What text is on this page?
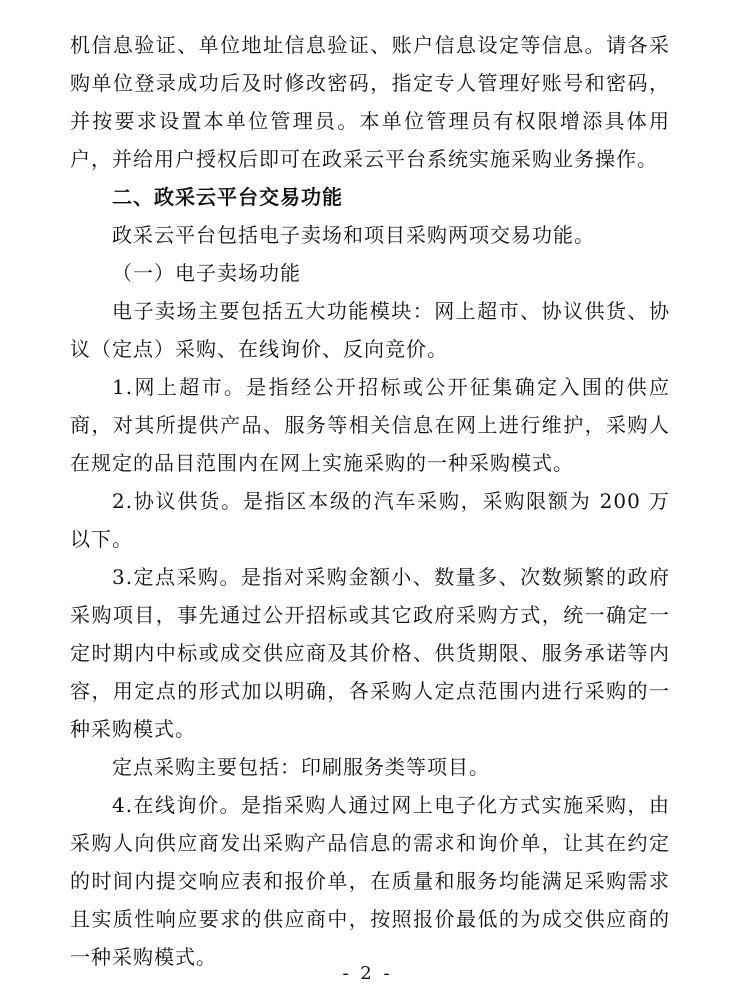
机信息验证、单位地址信息验证、账户信息设定等信息。请各采购单位登录成功后及时修改密码，指定专人管理好账号和密码，并按要求设置本单位管理员。本单位管理员有权限增添具体用户，并给用户授权后即可在政采云平台系统实施采购业务操作。

二、政采云平台交易功能

政采云平台包括电子卖场和项目采购两项交易功能。

（一）电子卖场功能

电子卖场主要包括五大功能模块：网上超市、协议供货、协议（定点）采购、在线询价、反向竞价。

1.网上超市。是指经公开招标或公开征集确定入围的供应商，对其所提供产品、服务等相关信息在网上进行维护，采购人在规定的品目范围内在网上实施采购的一种采购模式。

2.协议供货。是指区本级的汽车采购，采购限额为 200 万以下。

3.定点采购。是指对采购金额小、数量多、次数频繁的政府采购项目，事先通过公开招标或其它政府采购方式，统一确定一定时期内中标或成交供应商及其价格、供货期限、服务承诺等内容，用定点的形式加以明确，各采购人定点范围内进行采购的一种采购模式。

定点采购主要包括：印刷服务类等项目。

4.在线询价。是指采购人通过网上电子化方式实施采购，由采购人向供应商发出采购产品信息的需求和询价单，让其在约定的时间内提交响应表和报价单，在质量和服务均能满足采购需求且实质性响应要求的供应商中，按照报价最低的为成交供应商的一种采购模式。

- 2 -
